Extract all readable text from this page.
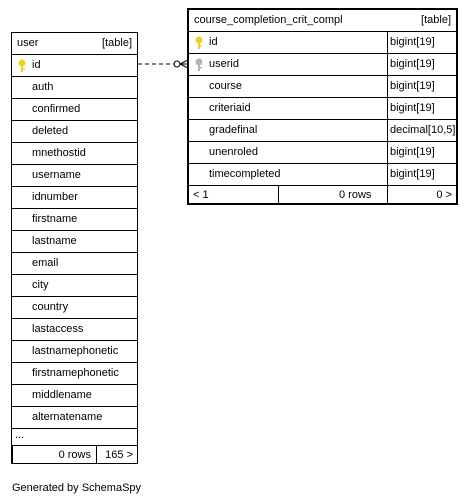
user	[table]
id
auth
confirmed
deleted
mnethostid
username
idnumber
firstname
lastname
email
city
country
lastaccess
lastnamephonetic
firstnamephonetic
middlename
alternatename
...
0 rows 165 >
course_completion_crit_compl	[table]
id	bigint[19]
userid	bigint[19]
course	bigint[19]
criteriaid	bigint[19]
gradefinal	decimal[10,5]
unenroled	bigint[19]
timecompleted	bigint[19]
< 1	0 rows	0 >
Generated by SchemaSpy
